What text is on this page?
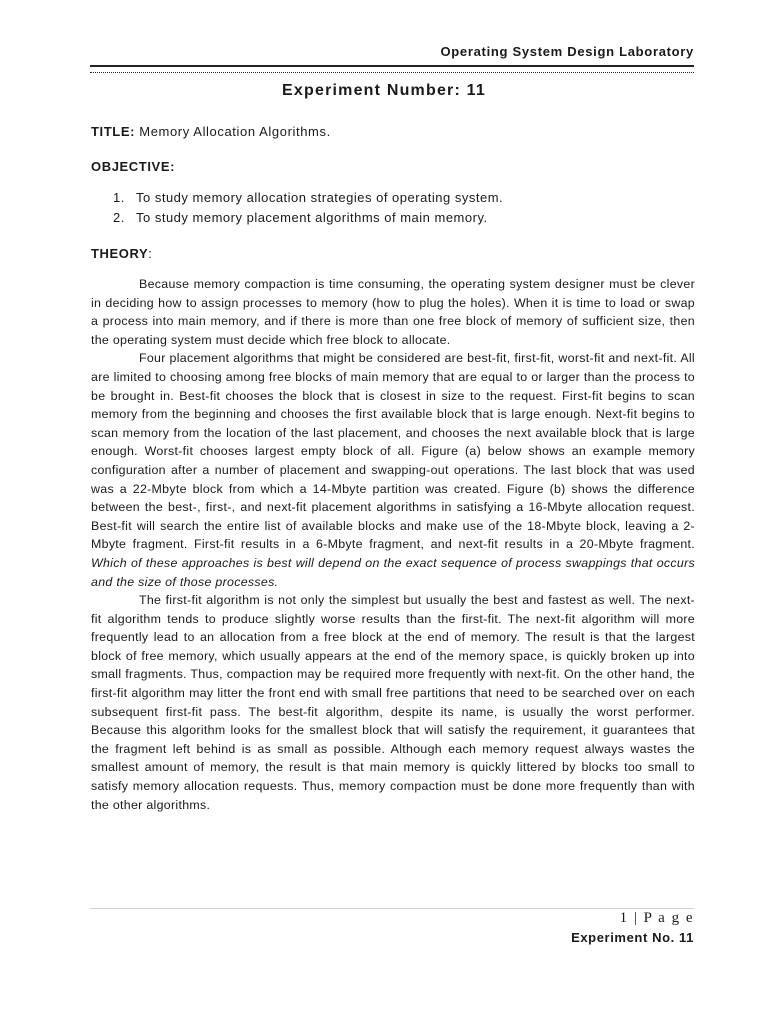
Operating System Design Laboratory
Experiment Number: 11
TITLE: Memory Allocation Algorithms.
OBJECTIVE:
1. To study memory allocation strategies of operating system.
2. To study memory placement algorithms of main memory.
THEORY:

Because memory compaction is time consuming, the operating system designer must be clever in deciding how to assign processes to memory (how to plug the holes). When it is time to load or swap a process into main memory, and if there is more than one free block of memory of sufficient size, then the operating system must decide which free block to allocate.

Four placement algorithms that might be considered are best-fit, first-fit, worst-fit and next-fit. All are limited to choosing among free blocks of main memory that are equal to or larger than the process to be brought in. Best-fit chooses the block that is closest in size to the request. First-fit begins to scan memory from the beginning and chooses the first available block that is large enough. Next-fit begins to scan memory from the location of the last placement, and chooses the next available block that is large enough. Worst-fit chooses largest empty block of all. Figure (a) below shows an example memory configuration after a number of placement and swapping-out operations. The last block that was used was a 22-Mbyte block from which a 14-Mbyte partition was created. Figure (b) shows the difference between the best-, first-, and next-fit placement algorithms in satisfying a 16-Mbyte allocation request. Best-fit will search the entire list of available blocks and make use of the 18-Mbyte block, leaving a 2-Mbyte fragment. First-fit results in a 6-Mbyte fragment, and next-fit results in a 20-Mbyte fragment. Which of these approaches is best will depend on the exact sequence of process swappings that occurs and the size of those processes.

The first-fit algorithm is not only the simplest but usually the best and fastest as well. The next-fit algorithm tends to produce slightly worse results than the first-fit. The next-fit algorithm will more frequently lead to an allocation from a free block at the end of memory. The result is that the largest block of free memory, which usually appears at the end of the memory space, is quickly broken up into small fragments. Thus, compaction may be required more frequently with next-fit. On the other hand, the first-fit algorithm may litter the front end with small free partitions that need to be searched over on each subsequent first-fit pass. The best-fit algorithm, despite its name, is usually the worst performer. Because this algorithm looks for the smallest block that will satisfy the requirement, it guarantees that the fragment left behind is as small as possible. Although each memory request always wastes the smallest amount of memory, the result is that main memory is quickly littered by blocks too small to satisfy memory allocation requests. Thus, memory compaction must be done more frequently than with the other algorithms.

1 | P a g e
Experiment No. 11
